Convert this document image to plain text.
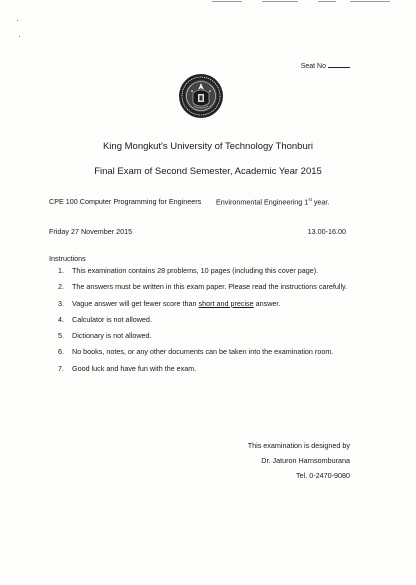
Seat No
King Mongkut's University of Technology Thonburi
Final Exam of Second Semester, Academic Year 2015
CPE 100 Computer Programming for Engineers Environmental Engineering 1st year.
Friday 27 November 2015	13.00-16.00
Instructions
1. This examination contains 28 problems, 10 pages (including this cover page).
2. The answers must be written in this exam paper. Please read the instructions carefully.
3. Vague answer will get fewer score than short and precise answer.
4. Calculator is not allowed.
5. Dictionary is not allowed.
6. No books, notes, or any other documents can be taken into the examination room.
7. Good luck and have fun with the exam.
This examination is designed by
Dr. Jaturon Harnsomburana
Tel. 0-2470-9080
